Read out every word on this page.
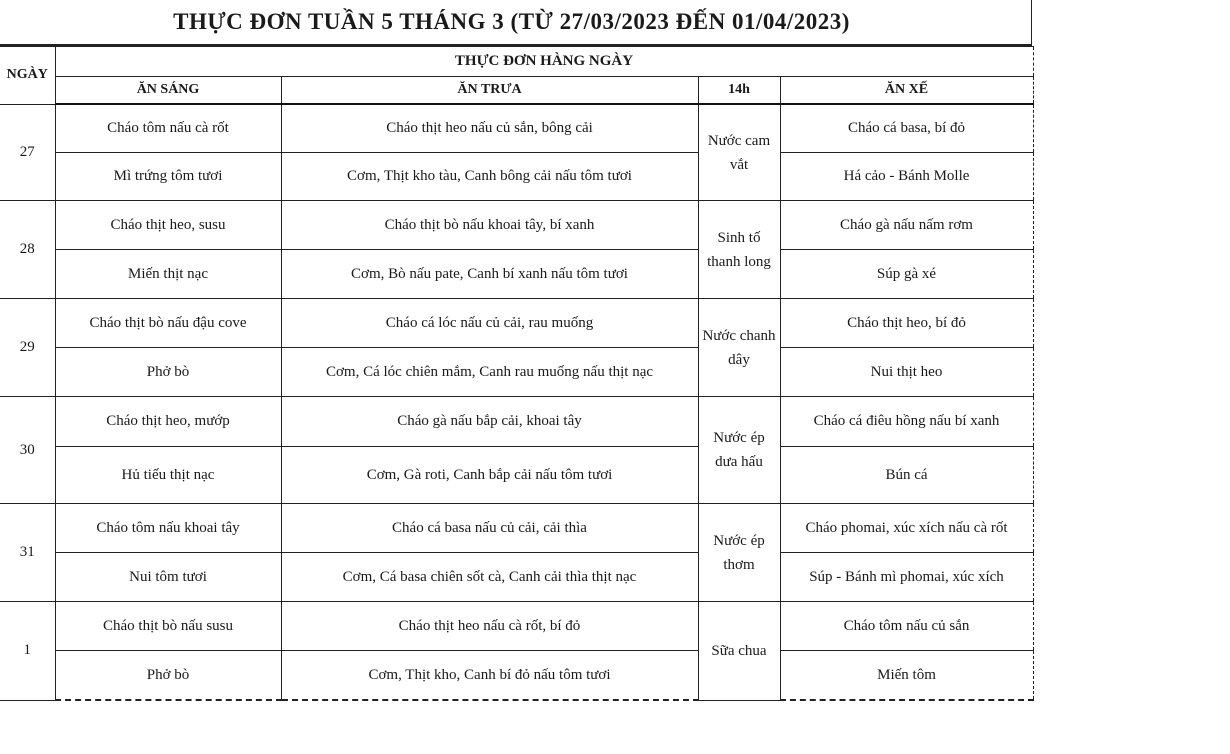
THỰC ĐƠN TUẦN 5 THÁNG 3 (TỪ 27/03/2023 ĐẾN 01/04/2023)
NGÀY	THỰC ĐƠN HÀNG NGÀY			
	ĂN SÁNG	ĂN TRƯA	14h	ĂN XẾ
27	Cháo tôm nấu cà rốt	Cháo thịt heo nấu củ sắn, bông cải	Nước cam vắt	Cháo cá basa, bí đỏ

	Mì trứng tôm tươi	Cơm, Thịt kho tàu, Canh bông cải nấu tôm tươi		Há cảo - Bánh Molle

28	Cháo thịt heo, susu	Cháo thịt bò nấu khoai tây, bí xanh	Sinh tố thanh long	Cháo gà nấu nấm rơm

	Miến thịt nạc	Cơm, Bò nấu pate, Canh bí xanh nấu tôm tươi		Súp gà xé

29	Cháo thịt bò nấu đậu cove	Cháo cá lóc nấu củ cải, rau muống	Nước chanh dây	Cháo thịt heo, bí đỏ

	Phở bò	Cơm, Cá lóc chiên mắm, Canh rau muống nấu thịt nạc		Nui thịt heo

30	Cháo thịt heo, mướp	Cháo gà nấu bắp cải, khoai tây	Nước ép dưa hấu	Cháo cá điêu hồng nấu bí xanh

	Hủ tiếu thịt nạc	Cơm, Gà roti, Canh bắp cải nấu tôm tươi		Bún cá

31	Cháo tôm nấu khoai tây	Cháo cá basa nấu củ cải, cải thìa	Nước ép thơm	Cháo phomai, xúc xích nấu cà rốt

	Nui tôm tươi	Cơm, Cá basa chiên sốt cà, Canh cải thìa thịt nạc		Súp - Bánh mì phomai, xúc xích

1	Cháo thịt bò nấu susu	Cháo thịt heo nấu cà rốt, bí đỏ	Sữa chua	Cháo tôm nấu củ sắn

	Phở bò	Cơm, Thịt kho, Canh bí đỏ nấu tôm tươi		Miến tôm
